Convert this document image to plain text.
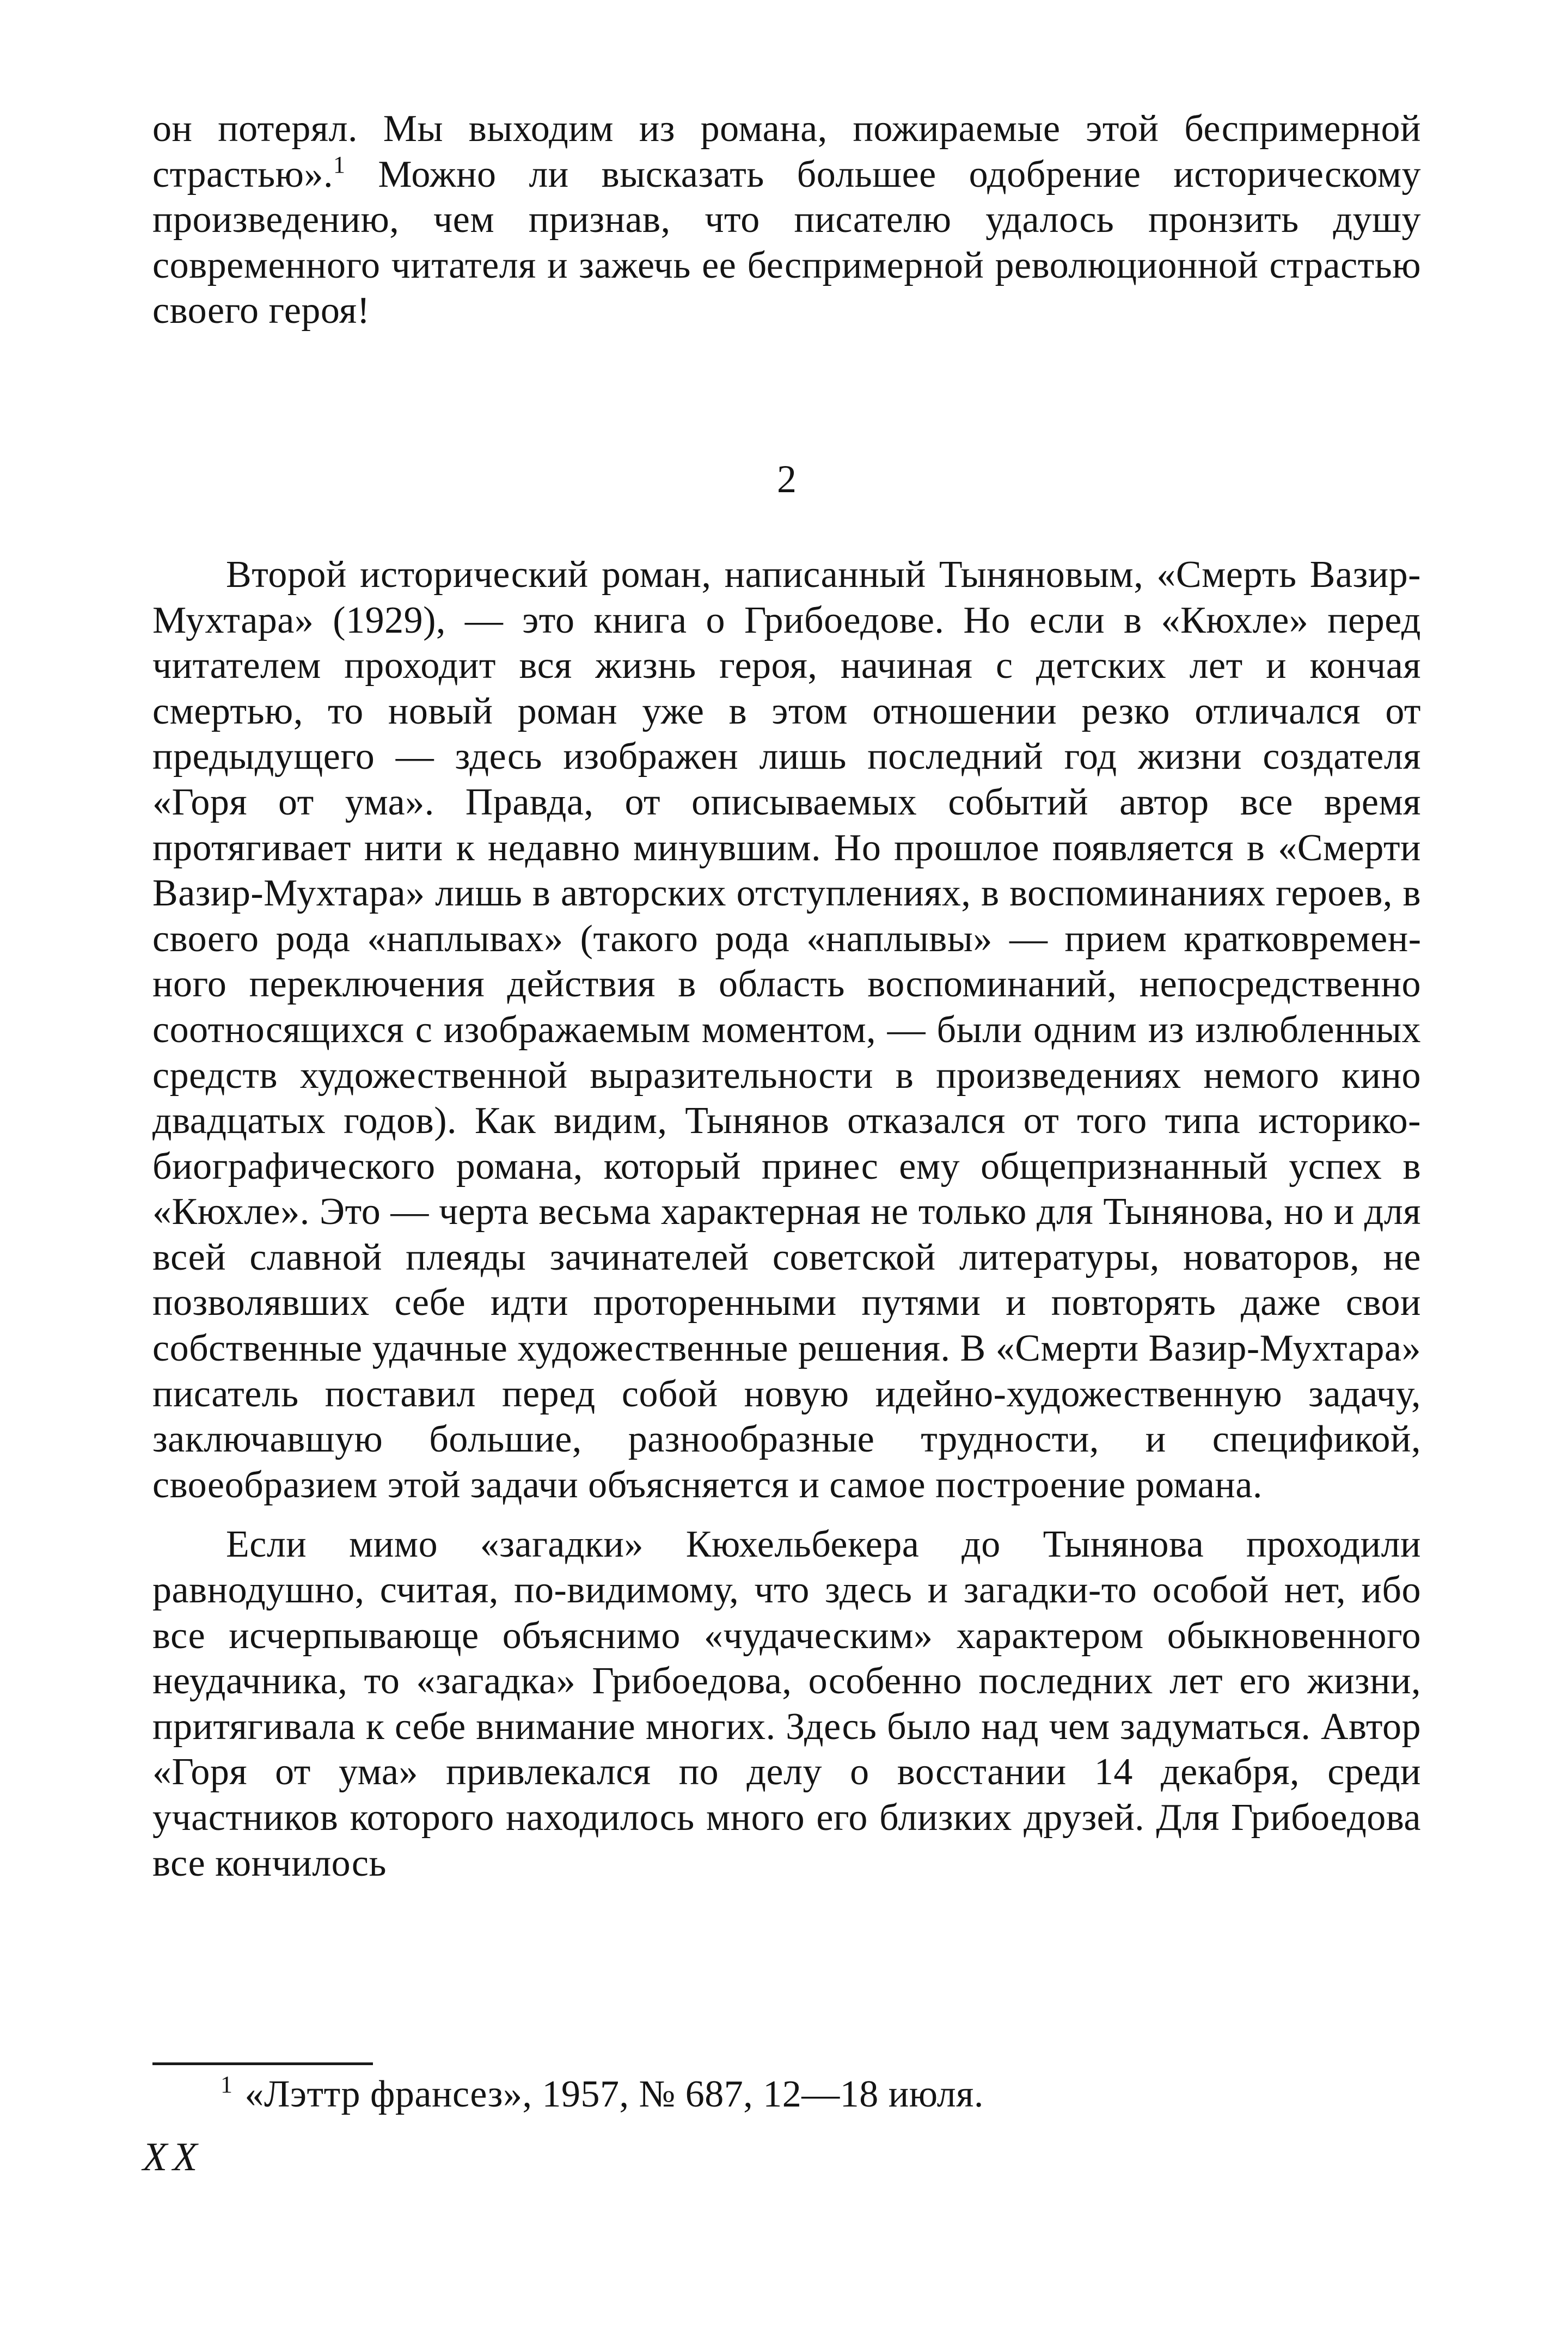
он потерял. Мы выходим из романа, пожираемые этой беспримерной страстью».$^1$ Можно ли высказать большее одобрение историческому произведению, чем признав, что писателю удалось пронзить душу современного читателя и зажечь ее беспримерной революционной страстью своего героя!

2

Второй исторический роман, написанный Тыняновым, «Смерть Вазир-Мухтара» (1929), — это книга о Грибоедове. Но если в «Кюхле» перед читателем проходит вся жизнь героя, начиная с детских лет и кончая смертью, то новый роман уже в этом отношении резко отличался от предыдущего — здесь изображен лишь последний год жизни создателя «Горя от ума». Правда, от описываемых событий автор все время протягивает нити к недавно минувшим. Но прошлое появляется в «Смерти Вазир-Мухтара» лишь в авторских отступлениях, в воспоминаниях героев, в своего рода «наплывах» (такого рода «наплывы» — прием кратковременного переключения действия в область воспоминаний, непосредственно соотносящихся с изображаемым моментом, — были одним из излюбленных средств художественной выразительности в произведениях немого кино двадцатых годов). Как видим, Тынянов отказался от того типа историко-биографического романа, который принес ему общепризнанный успех в «Кюхле». Это — черта весьма характерная не только для Тынянова, но и для всей славной плеяды зачинателей советской литературы, новаторов, не позволявших себе идти проторенными путями и повторять даже свои собственные удачные художественные решения. В «Смерти Вазир-Мухтара» писатель поставил перед собой новую идейно-художественную задачу, заключавшую большие, разнообразные трудности, и спецификой, своеобразием этой задачи объясняется и самое построение романа.

Если мимо «загадки» Кюхельбекера до Тынянова проходили равнодушно, считая, по-видимому, что здесь и загадки-то особой нет, ибо все исчерпывающе объяснимо «чудаческим» характером обыкновенного неудачника, то «загадка» Грибоедова, особенно последних лет его жизни, притягивала к себе внимание многих. Здесь было над чем задуматься. Автор «Горя от ума» привлекался по делу о восстании 14 декабря, среди участников которого находилось много его близких друзей. Для Грибоедова все кончилось

$^1$ «Лэттр франсез», 1957, № 687, 12—18 июля.

XX
